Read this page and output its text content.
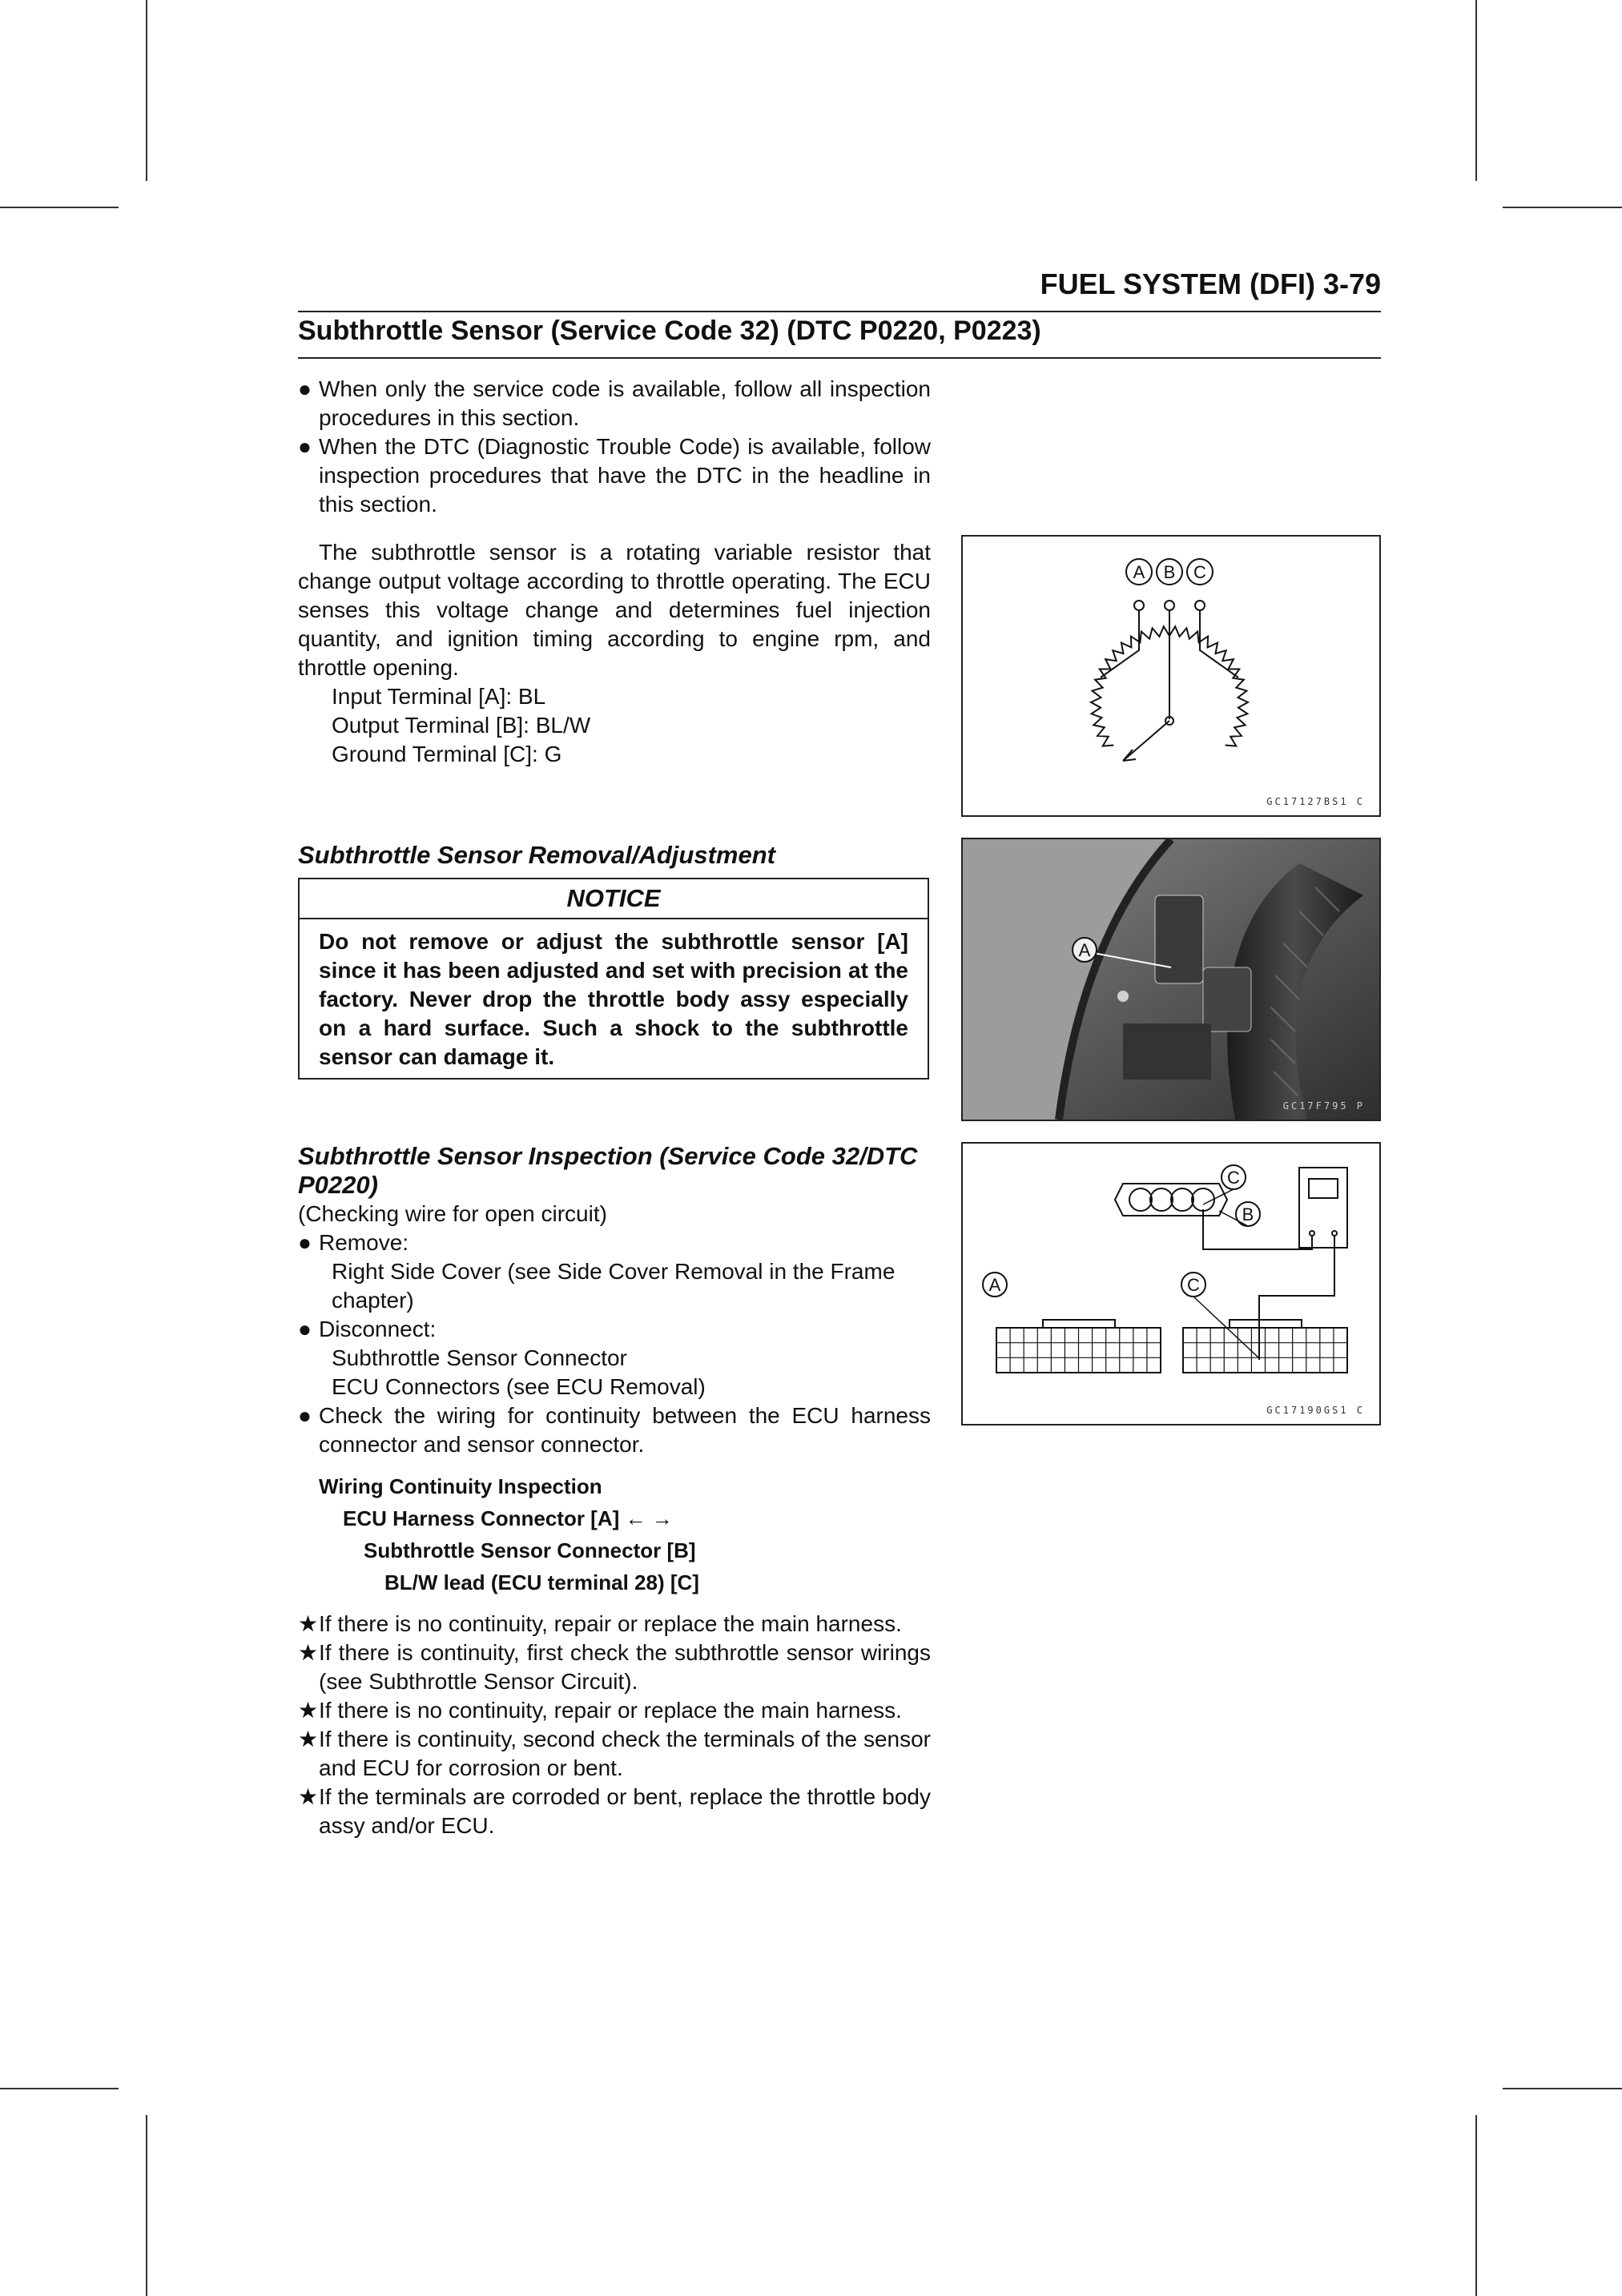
FUEL SYSTEM (DFI) 3-79
Subthrottle Sensor (Service Code 32) (DTC P0220, P0223)
● When only the service code is available, follow all inspection procedures in this section.
● When the DTC (Diagnostic Trouble Code) is available, follow inspection procedures that have the DTC in the headline in this section.
The subthrottle sensor is a rotating variable resistor that change output voltage according to throttle operating. The ECU senses this voltage change and determines fuel injection quantity, and ignition timing according to engine rpm, and throttle opening.
Input Terminal [A]: BL
Output Terminal [B]: BL/W
Ground Terminal [C]: G
A B C
GC17127BS1 C
Subthrottle Sensor Removal/Adjustment
NOTICE
Do not remove or adjust the subthrottle sensor [A] since it has been adjusted and set with precision at the factory. Never drop the throttle body assy especially on a hard surface. Such a shock to the subthrottle sensor can damage it.
A
GC17F795 P
Subthrottle Sensor Inspection (Service Code 32/DTC P0220)
(Checking wire for open circuit)
● Remove:
Right Side Cover (see Side Cover Removal in the Frame chapter)
● Disconnect:
Subthrottle Sensor Connector
ECU Connectors (see ECU Removal)
● Check the wiring for continuity between the ECU harness connector and sensor connector.
Wiring Continuity Inspection
ECU Harness Connector [A] ← →
Subthrottle Sensor Connector [B]
BL/W lead (ECU terminal 28) [C]
★ If there is no continuity, repair or replace the main harness.
★ If there is continuity, first check the subthrottle sensor wirings (see Subthrottle Sensor Circuit).
★ If there is no continuity, repair or replace the main harness.
★ If there is continuity, second check the terminals of the sensor and ECU for corrosion or bent.
★ If the terminals are corroded or bent, replace the throttle body assy and/or ECU.
C
B
A	C
GC17190GS1 C
